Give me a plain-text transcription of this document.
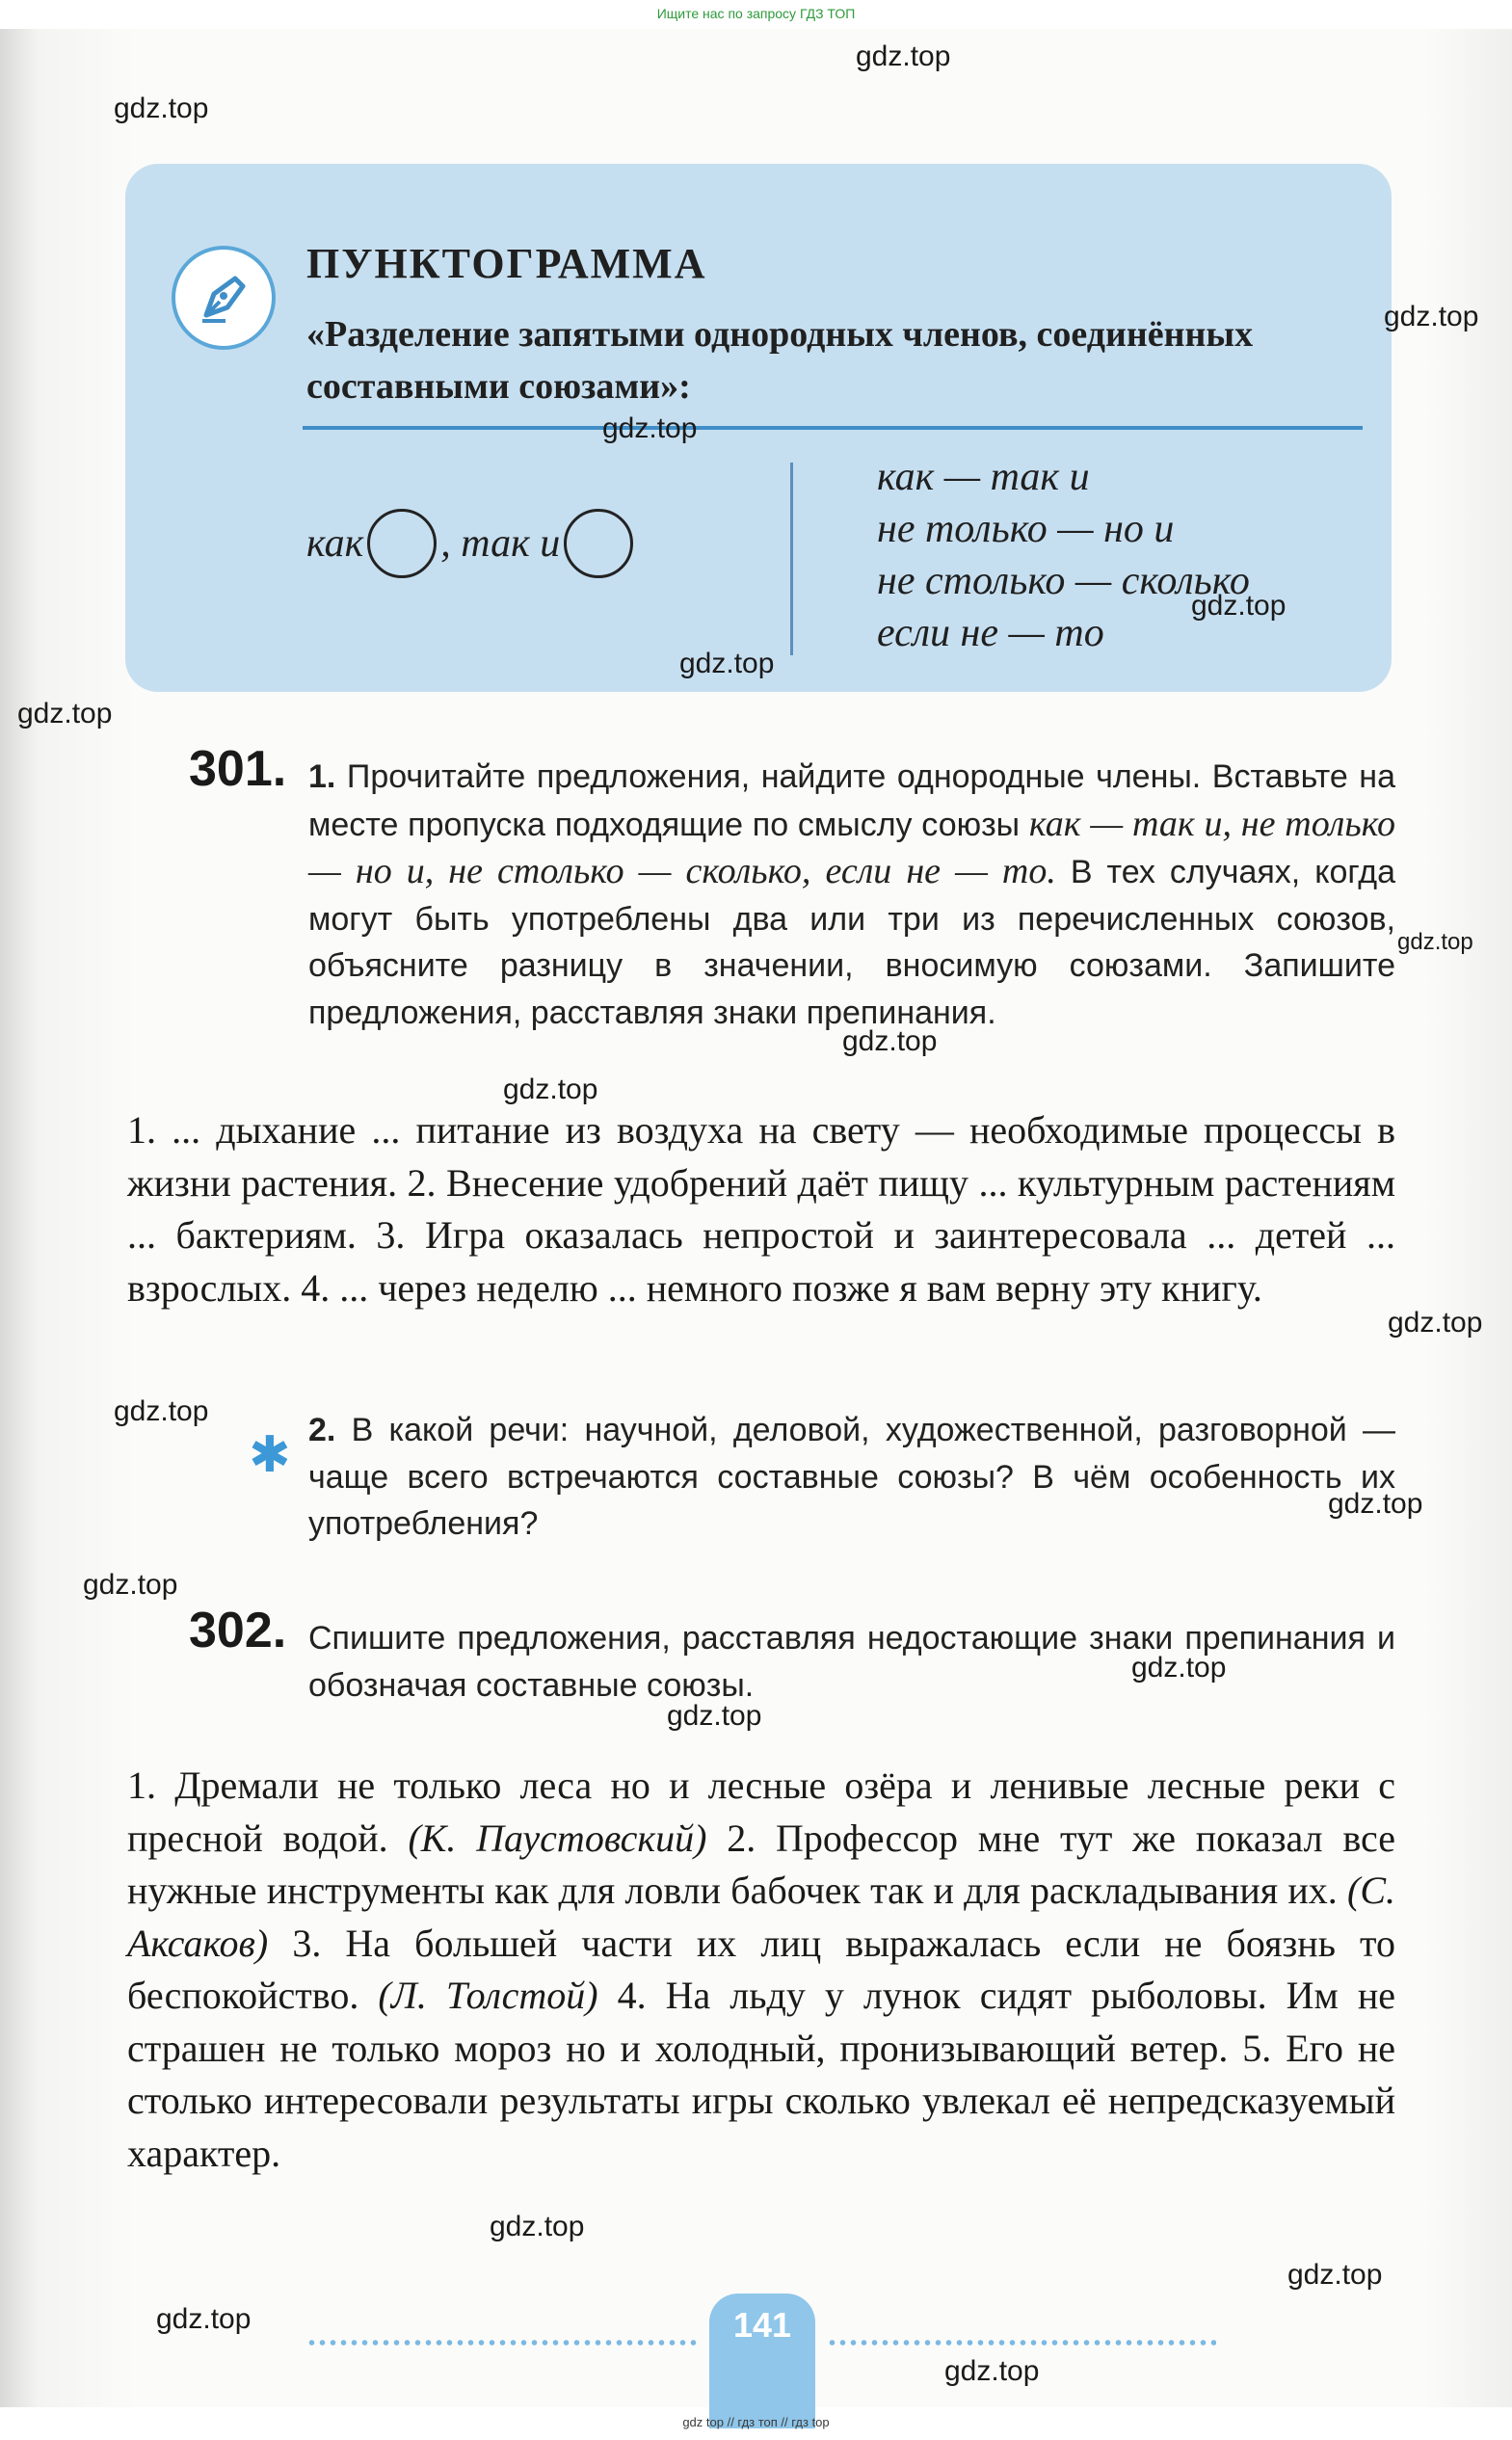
Ищите нас по запросу ГДЗ ТОП
ПУНКТОГРАММА
«Разделение запятыми однородных членов, соединённых составными союзами»:
как , так и
как — так и
не только — но и
не столько — сколько
если не — то
301. 1. Прочитайте предложения, найдите однородные члены. Вставьте на месте пропуска подходящие по смыслу союзы как — так и, не только — но и, не столько — сколько, если не — то. В тех случаях, когда могут быть употреблены два или три из перечисленных союзов, объясните разницу в значении, вносимую союзами. Запишите предложения, расставляя знаки препинания.
1. ... дыхание ... питание из воздуха на свету — необходимые процессы в жизни растения. 2. Внесение удобрений даёт пищу ... культурным растениям ... бактериям. 3. Игра оказалась непростой и заинтересовала ... детей ... взрослых. 4. ... через неделю ... немного позже я вам верну эту книгу.
✱ 2. В какой речи: научной, деловой, художественной, разговорной — чаще всего встречаются составные союзы? В чём особенность их употребления?
302. Спишите предложения, расставляя недостающие знаки препинания и обозначая составные союзы.
1. Дремали не только леса но и лесные озёра и ленивые лесные реки с пресной водой. (К. Паустовский) 2. Профессор мне тут же показал все нужные инструменты как для ловли бабочек так и для раскладывания их. (С. Аксаков) 3. На большей части их лиц выражалась если не боязнь то беспокойство. (Л. Толстой) 4. На льду у лунок сидят рыболовы. Им не страшен не только мороз но и холодный, пронизывающий ветер. 5. Его не столько интересовали результаты игры сколько увлекал её непредсказуемый характер.
141
gdz.top
gdz.top
gdz.top
gdz.top
gdz.top
gdz.top
gdz.top
gdz.top
gdz.top
gdz.top
gdz.top
gdz.top
gdz.top
gdz.top
gdz.top
gdz.top
gdz.top
gdz.top
gdz.top
gdz.top
gdz top // гдз топ // гдз top
